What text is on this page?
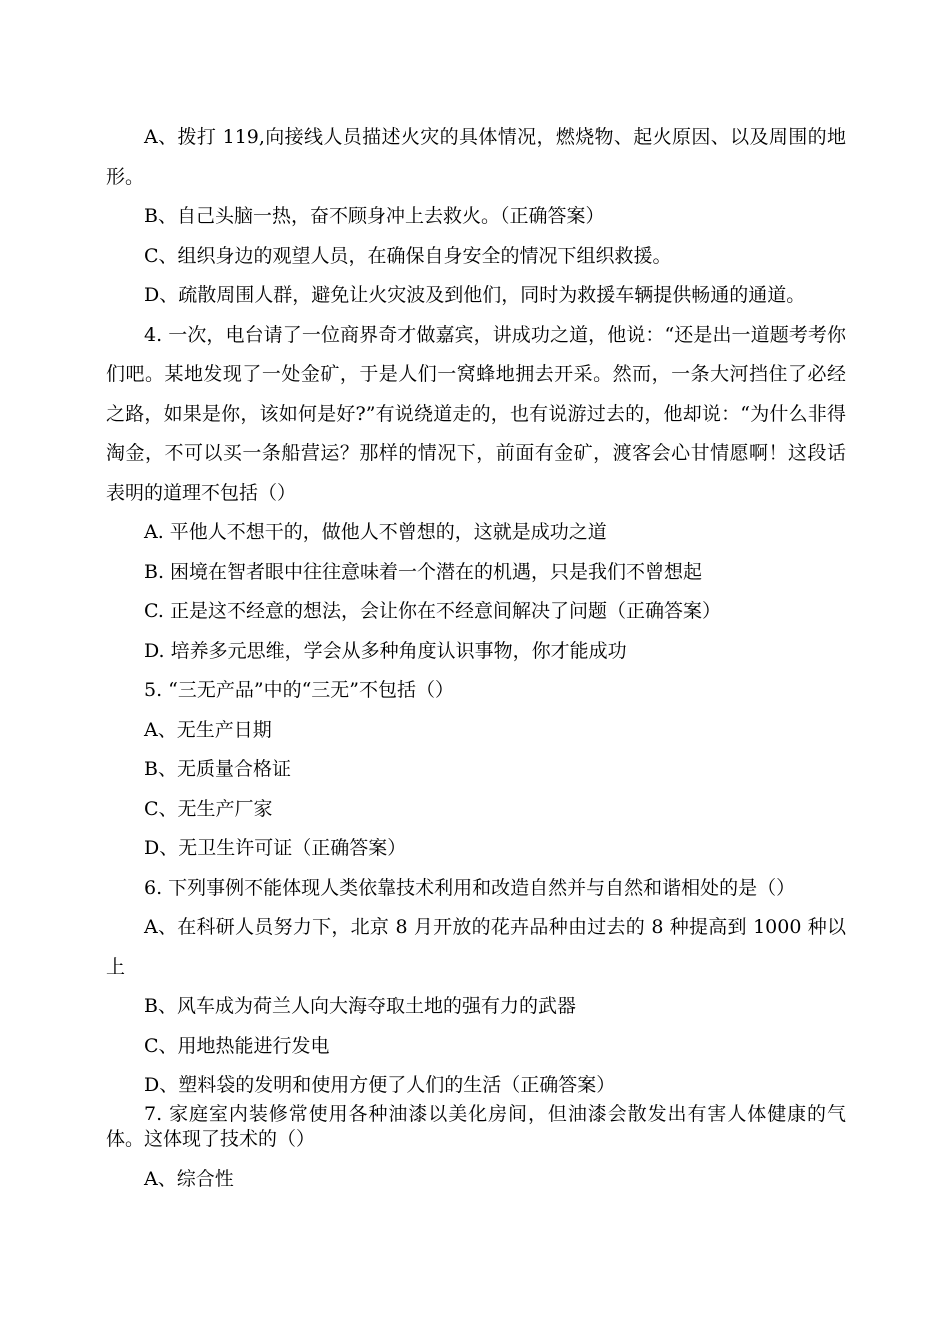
A、拨打 119,向接线人员描述火灾的具体情况，燃烧物、起火原因、以及周围的地形。

B、自己头脑一热，奋不顾身冲上去救火。（正确答案）

C、组织身边的观望人员，在确保自身安全的情况下组织救援。

D、疏散周围人群，避免让火灾波及到他们，同时为救援车辆提供畅通的通道。

4. 一次，电台请了一位商界奇才做嘉宾，讲成功之道，他说：“还是出一道题考考你们吧。某地发现了一处金矿，于是人们一窝蜂地拥去开采。然而，一条大河挡住了必经之路，如果是你，该如何是好?”有说绕道走的，也有说游过去的，他却说：“为什么非得淘金，不可以买一条船营运？那样的情况下，前面有金矿，渡客会心甘情愿啊！这段话表明的道理不包括（）

A. 平他人不想干的，做他人不曾想的，这就是成功之道

B. 困境在智者眼中往往意味着一个潜在的机遇，只是我们不曾想起

C. 正是这不经意的想法，会让你在不经意间解决了问题（正确答案）

D. 培养多元思维，学会从多种角度认识事物，你才能成功

5. “三无产品”中的“三无”不包括（）

A、无生产日期

B、无质量合格证

C、无生产厂家

D、无卫生许可证（正确答案）

6. 下列事例不能体现人类依靠技术利用和改造自然并与自然和谐相处的是（）

A、在科研人员努力下，北京 8 月开放的花卉品种由过去的 8 种提高到 1000 种以上

B、风车成为荷兰人向大海夺取土地的强有力的武器

C、用地热能进行发电

D、塑料袋的发明和使用方便了人们的生活（正确答案）

7. 家庭室内装修常使用各种油漆以美化房间，但油漆会散发出有害人体健康的气体。这体现了技术的（）

A、综合性
